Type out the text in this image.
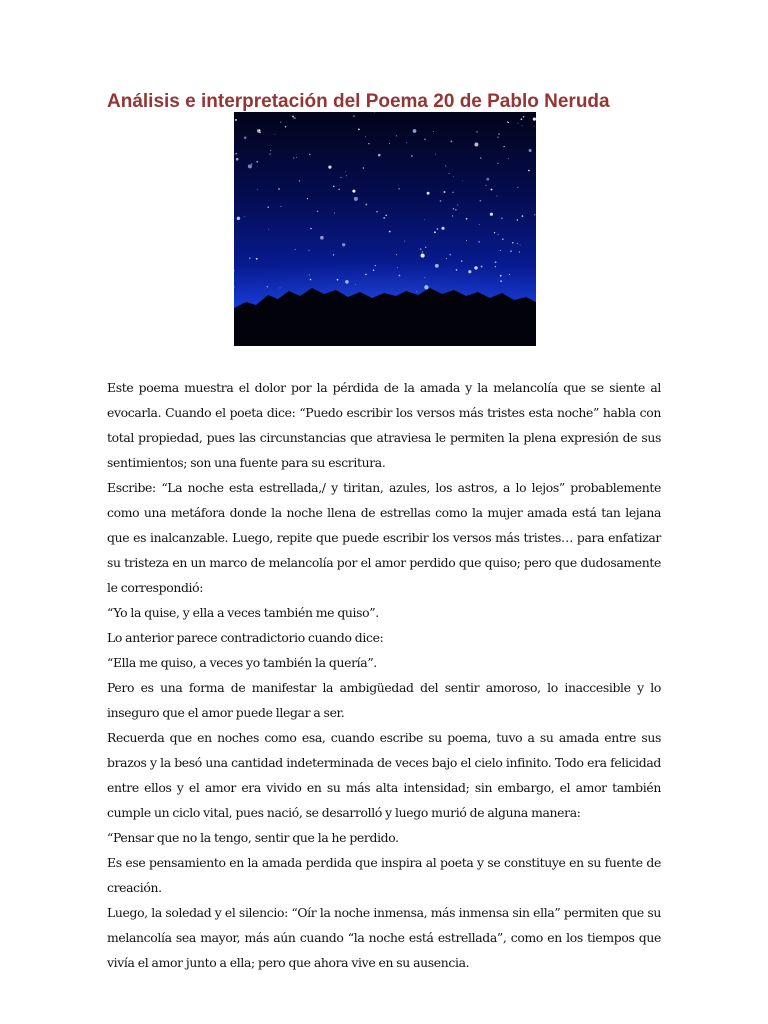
Análisis e interpretación del Poema 20 de Pablo Neruda

Este poema muestra el dolor por la pérdida de la amada y la melancolía que se siente al evocarla. Cuando el poeta dice: “Puedo escribir los versos más tristes esta noche” habla con total propiedad, pues las circunstancias que atraviesa le permiten la plena expresión de sus sentimientos; son una fuente para su escritura.

Escribe: “La noche esta estrellada,/ y tiritan, azules, los astros, a lo lejos” probablemente como una metáfora donde la noche llena de estrellas como la mujer amada está tan lejana que es inalcanzable. Luego, repite que puede escribir los versos más tristes… para enfatizar su tristeza en un marco de melancolía por el amor perdido que quiso; pero que dudosamente le correspondió:

“Yo la quise, y ella a veces también me quiso”.

Lo anterior parece contradictorio cuando dice:

“Ella me quiso, a veces yo también la quería”.

Pero es una forma de manifestar la ambigüedad del sentir amoroso, lo inaccesible y lo inseguro que el amor puede llegar a ser.

Recuerda que en noches como esa, cuando escribe su poema, tuvo a su amada entre sus brazos y la besó una cantidad indeterminada de veces bajo el cielo infinito. Todo era felicidad entre ellos y el amor era vivido en su más alta intensidad; sin embargo, el amor también cumple un ciclo vital, pues nació, se desarrolló y luego murió de alguna manera:

“Pensar que no la tengo, sentir que la he perdido.

Es ese pensamiento en la amada perdida que inspira al poeta y se constituye en su fuente de creación.

Luego, la soledad y el silencio: “Oír la noche inmensa, más inmensa sin ella” permiten que su melancolía sea mayor, más aún cuando “la noche está estrellada”, como en los tiempos que vivía el amor junto a ella; pero que ahora vive en su ausencia.
